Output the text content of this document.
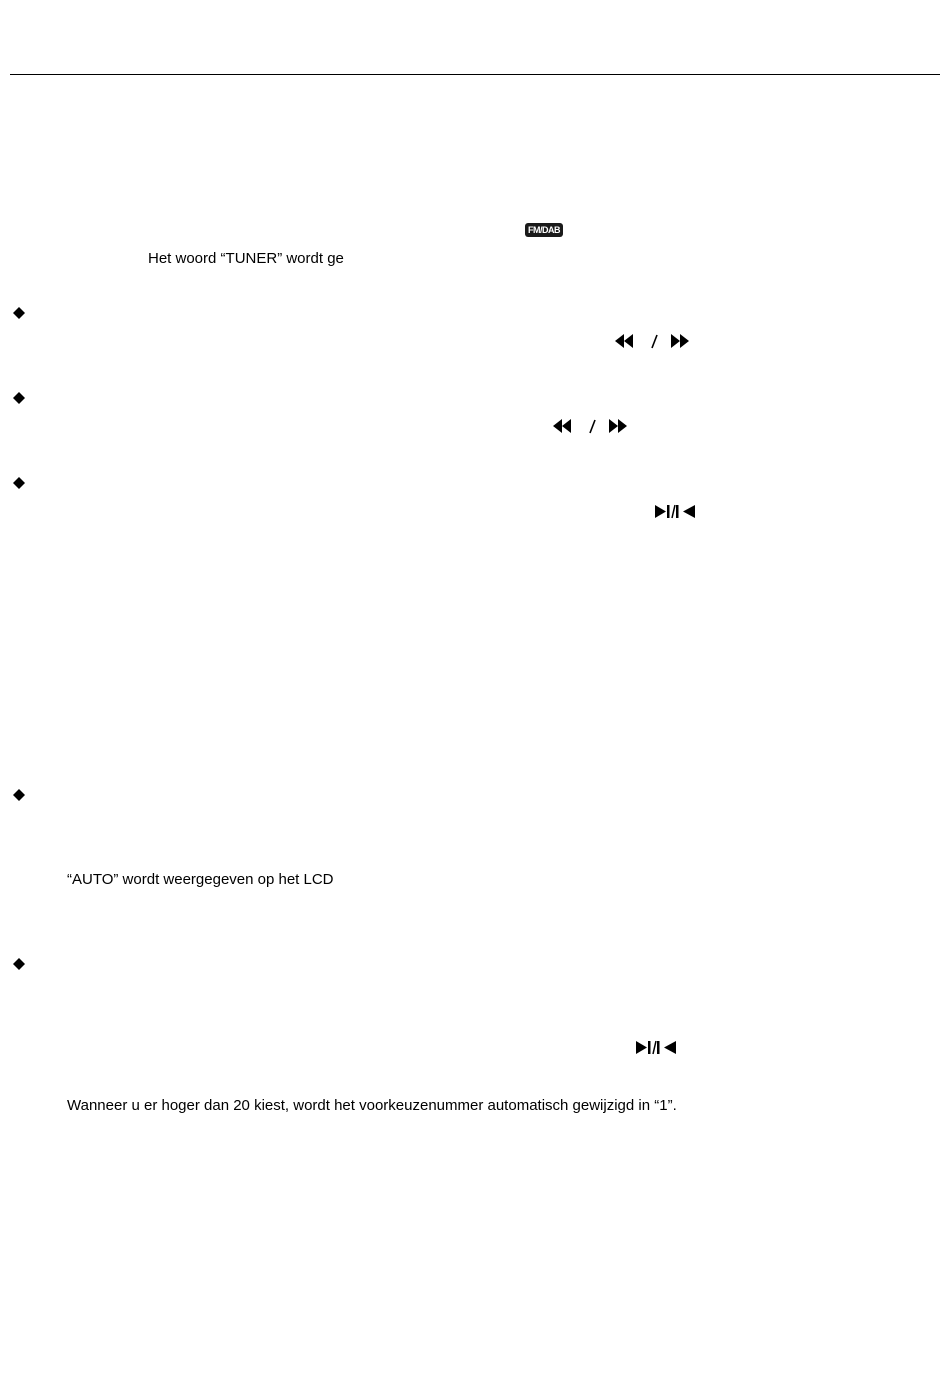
FM/DAB
Het woord “TUNER” wordt ge
“AUTO” wordt weergegeven op het LCD
Wanneer u er hoger dan 20 kiest, wordt het voorkeuzenummer automatisch gewijzigd in “1”.
